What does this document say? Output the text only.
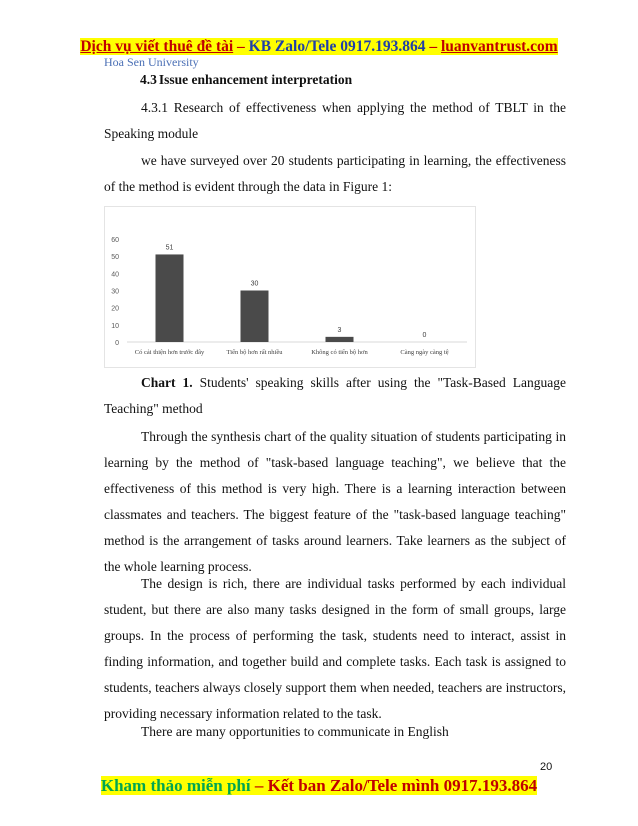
Dịch vụ viết thuê đề tài – KB Zalo/Tele 0917.193.864 – luanvantrust.com
Hoa Sen University
4.3 Issue enhancement interpretation

4.3.1 Research of effectiveness when applying the method of TBLT in the Speaking module

we have surveyed over 20 students participating in learning, the effectiveness of the method is evident through the data in Figure 1:

0
10
20
30
40
50
60
51
Có cải thiện hơn trước đây
30
Tiến bộ hơn rất nhiều
3
Không có tiến bộ hơn
0
Càng ngày càng tệ

Chart 1. Students' speaking skills after using the "Task-Based Language Teaching" method

Through the synthesis chart of the quality situation of students participating in learning by the method of "task-based language teaching", we believe that the effectiveness of this method is very high. There is a learning interaction between classmates and teachers. The biggest feature of the "task-based language teaching" method is the arrangement of tasks around learners. Take learners as the subject of the whole learning process.

The design is rich, there are individual tasks performed by each individual student, but there are also many tasks designed in the form of small groups, large groups. In the process of performing the task, students need to interact, assist in finding information, and together build and complete tasks. Each task is assigned to students, teachers always closely support them when needed, teachers are instructors, providing necessary information related to the task.

There are many opportunities to communicate in English

20
Kham thảo miễn phí – Kết ban Zalo/Tele mình 0917.193.864
